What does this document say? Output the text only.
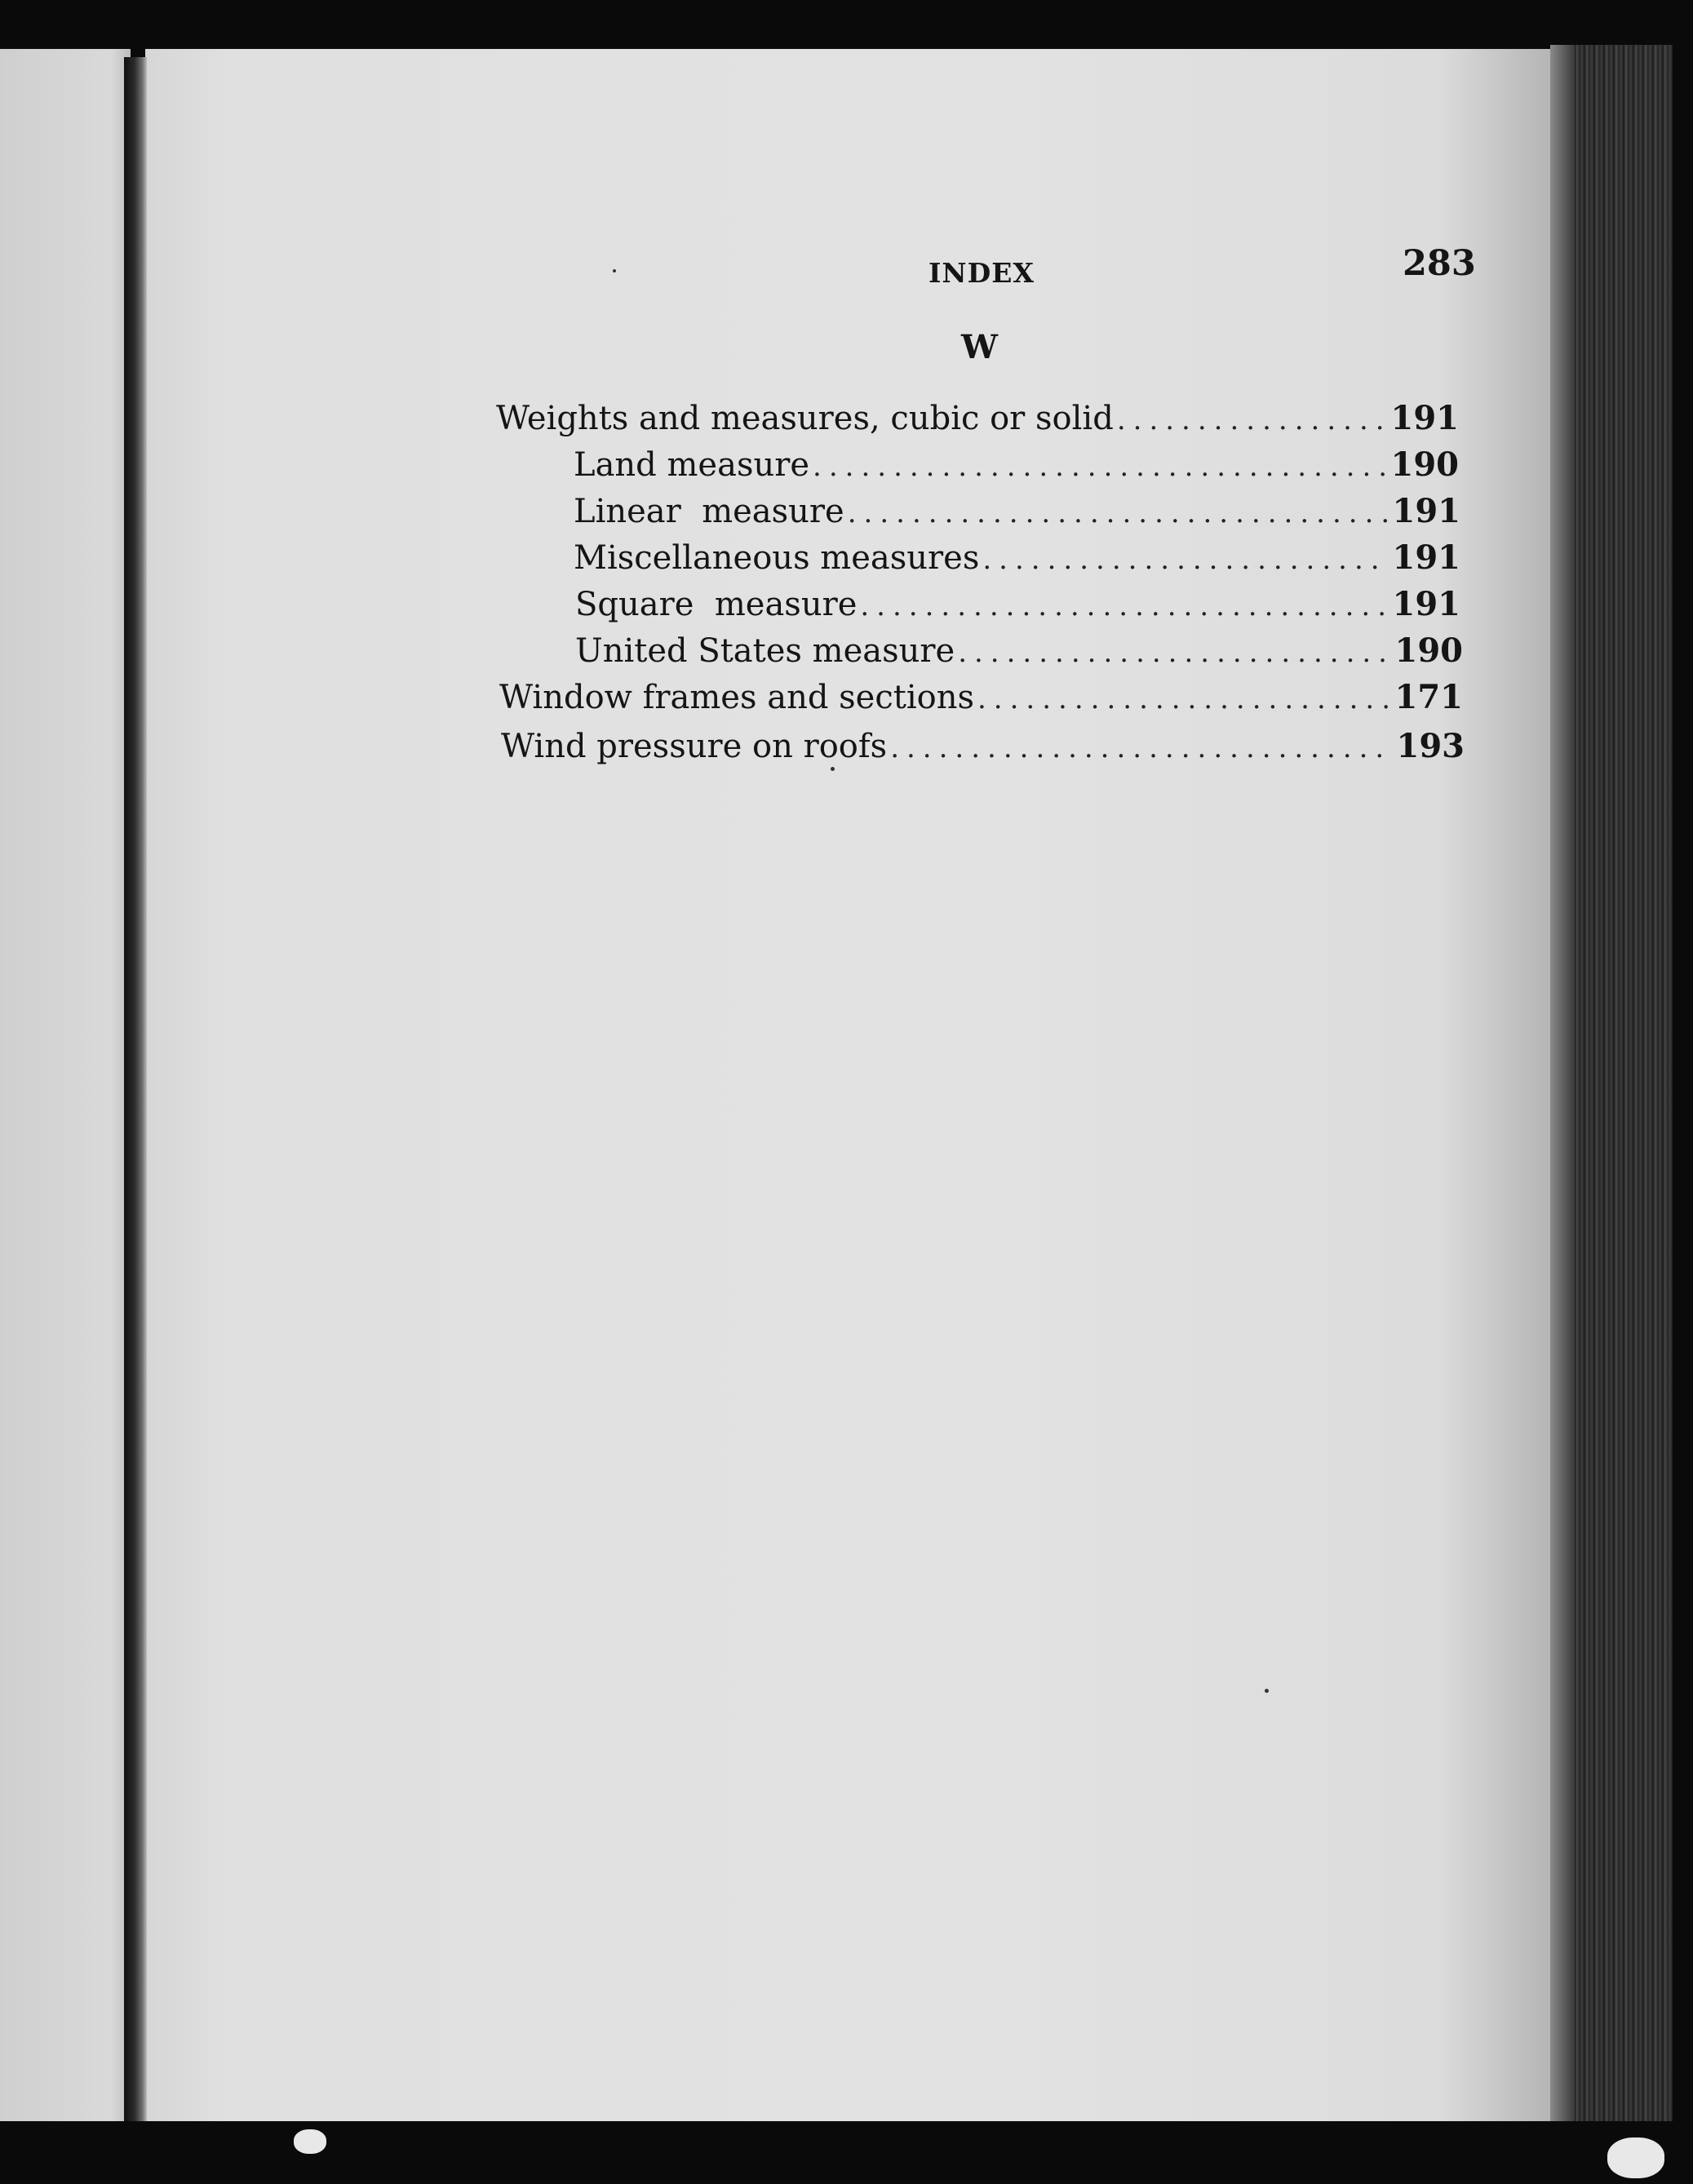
INDEX	283
W
Weights and measures, cubic or solid .....	191
Land measure .....	190
Linear  measure .....	191
Miscellaneous measures .....	191
Square  measure .....	191
United States measure .....	190
Window frames and sections .....	171
Wind pressure on roofs .....	193
